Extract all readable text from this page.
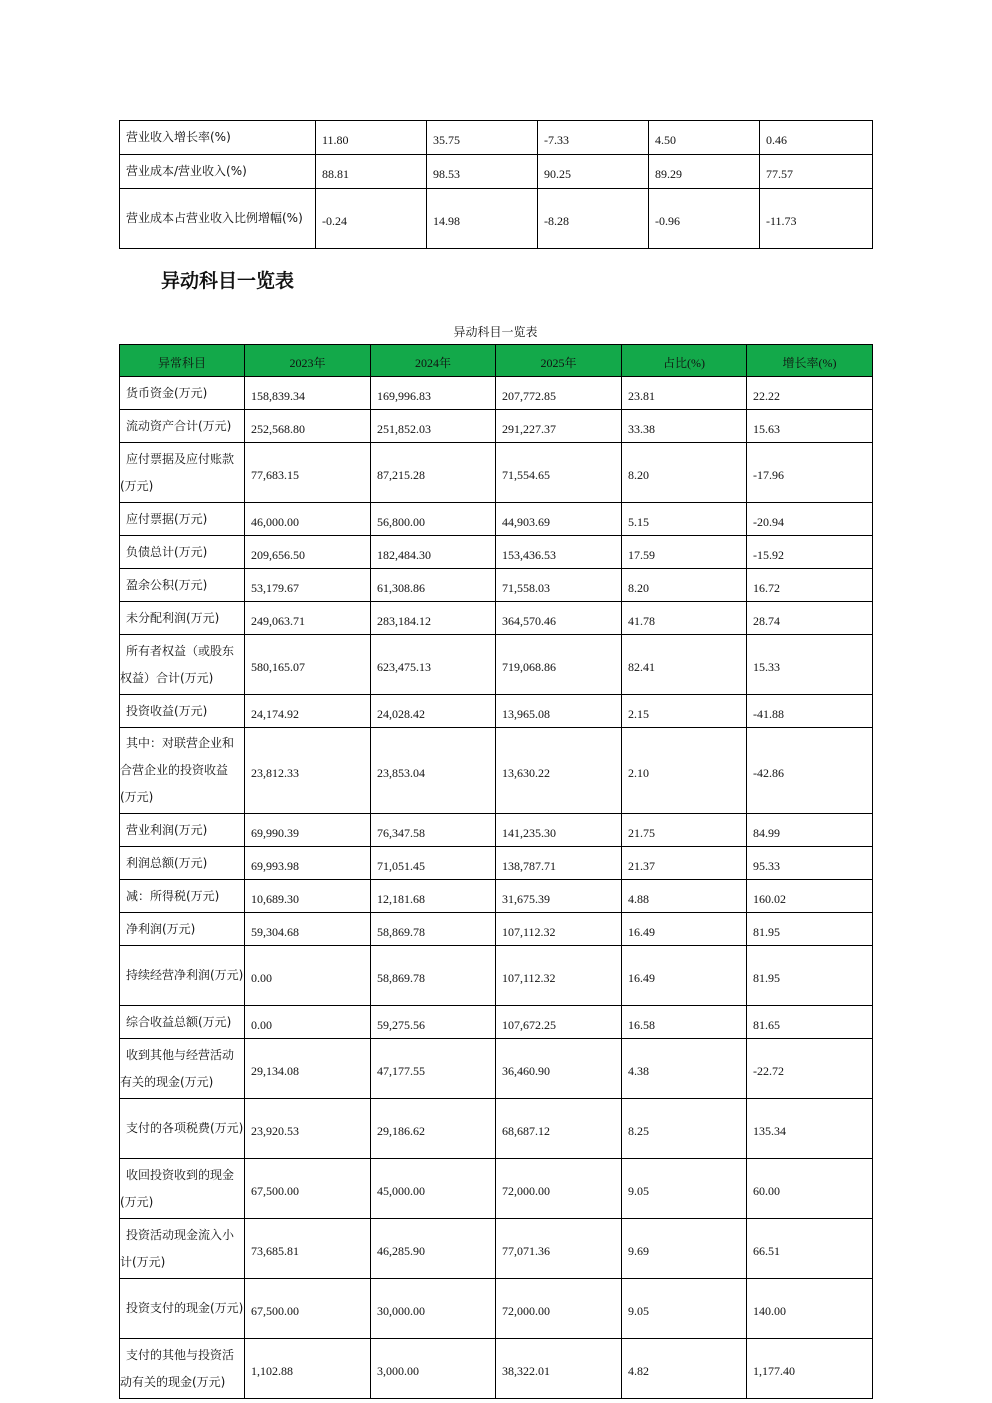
营业收入增长率(%)	11.80	35.75	-7.33	4.50	0.46
营业成本/营业收入(%)	88.81	98.53	90.25	89.29	77.57
营业成本占营业收入比例增幅(%)	-0.24	14.98	-8.28	-0.96	-11.73
异动科目一览表
异动科目一览表
异常科目	2023年	2024年	2025年	占比(%)	增长率(%)
货币资金(万元)	158,839.34	169,996.83	207,772.85	23.81	22.22
流动资产合计(万元)	252,568.80	251,852.03	291,227.37	33.38	15.63
应付票据及应付账款(万元)	77,683.15	87,215.28	71,554.65	8.20	-17.96
应付票据(万元)	46,000.00	56,800.00	44,903.69	5.15	-20.94
负债总计(万元)	209,656.50	182,484.30	153,436.53	17.59	-15.92
盈余公积(万元)	53,179.67	61,308.86	71,558.03	8.20	16.72
未分配利润(万元)	249,063.71	283,184.12	364,570.46	41.78	28.74
所有者权益（或股东权益）合计(万元)	580,165.07	623,475.13	719,068.86	82.41	15.33
投资收益(万元)	24,174.92	24,028.42	13,965.08	2.15	-41.88
其中：对联营企业和合营企业的投资收益(万元)	23,812.33	23,853.04	13,630.22	2.10	-42.86
营业利润(万元)	69,990.39	76,347.58	141,235.30	21.75	84.99
利润总额(万元)	69,993.98	71,051.45	138,787.71	21.37	95.33
减：所得税(万元)	10,689.30	12,181.68	31,675.39	4.88	160.02
净利润(万元)	59,304.68	58,869.78	107,112.32	16.49	81.95
持续经营净利润(万元)	0.00	58,869.78	107,112.32	16.49	81.95
综合收益总额(万元)	0.00	59,275.56	107,672.25	16.58	81.65
收到其他与经营活动有关的现金(万元)	29,134.08	47,177.55	36,460.90	4.38	-22.72
支付的各项税费(万元)	23,920.53	29,186.62	68,687.12	8.25	135.34
收回投资收到的现金(万元)	67,500.00	45,000.00	72,000.00	9.05	60.00
投资活动现金流入小计(万元)	73,685.81	46,285.90	77,071.36	9.69	66.51
投资支付的现金(万元)	67,500.00	30,000.00	72,000.00	9.05	140.00
支付的其他与投资活动有关的现金(万元)	1,102.88	3,000.00	38,322.01	4.82	1,177.40
